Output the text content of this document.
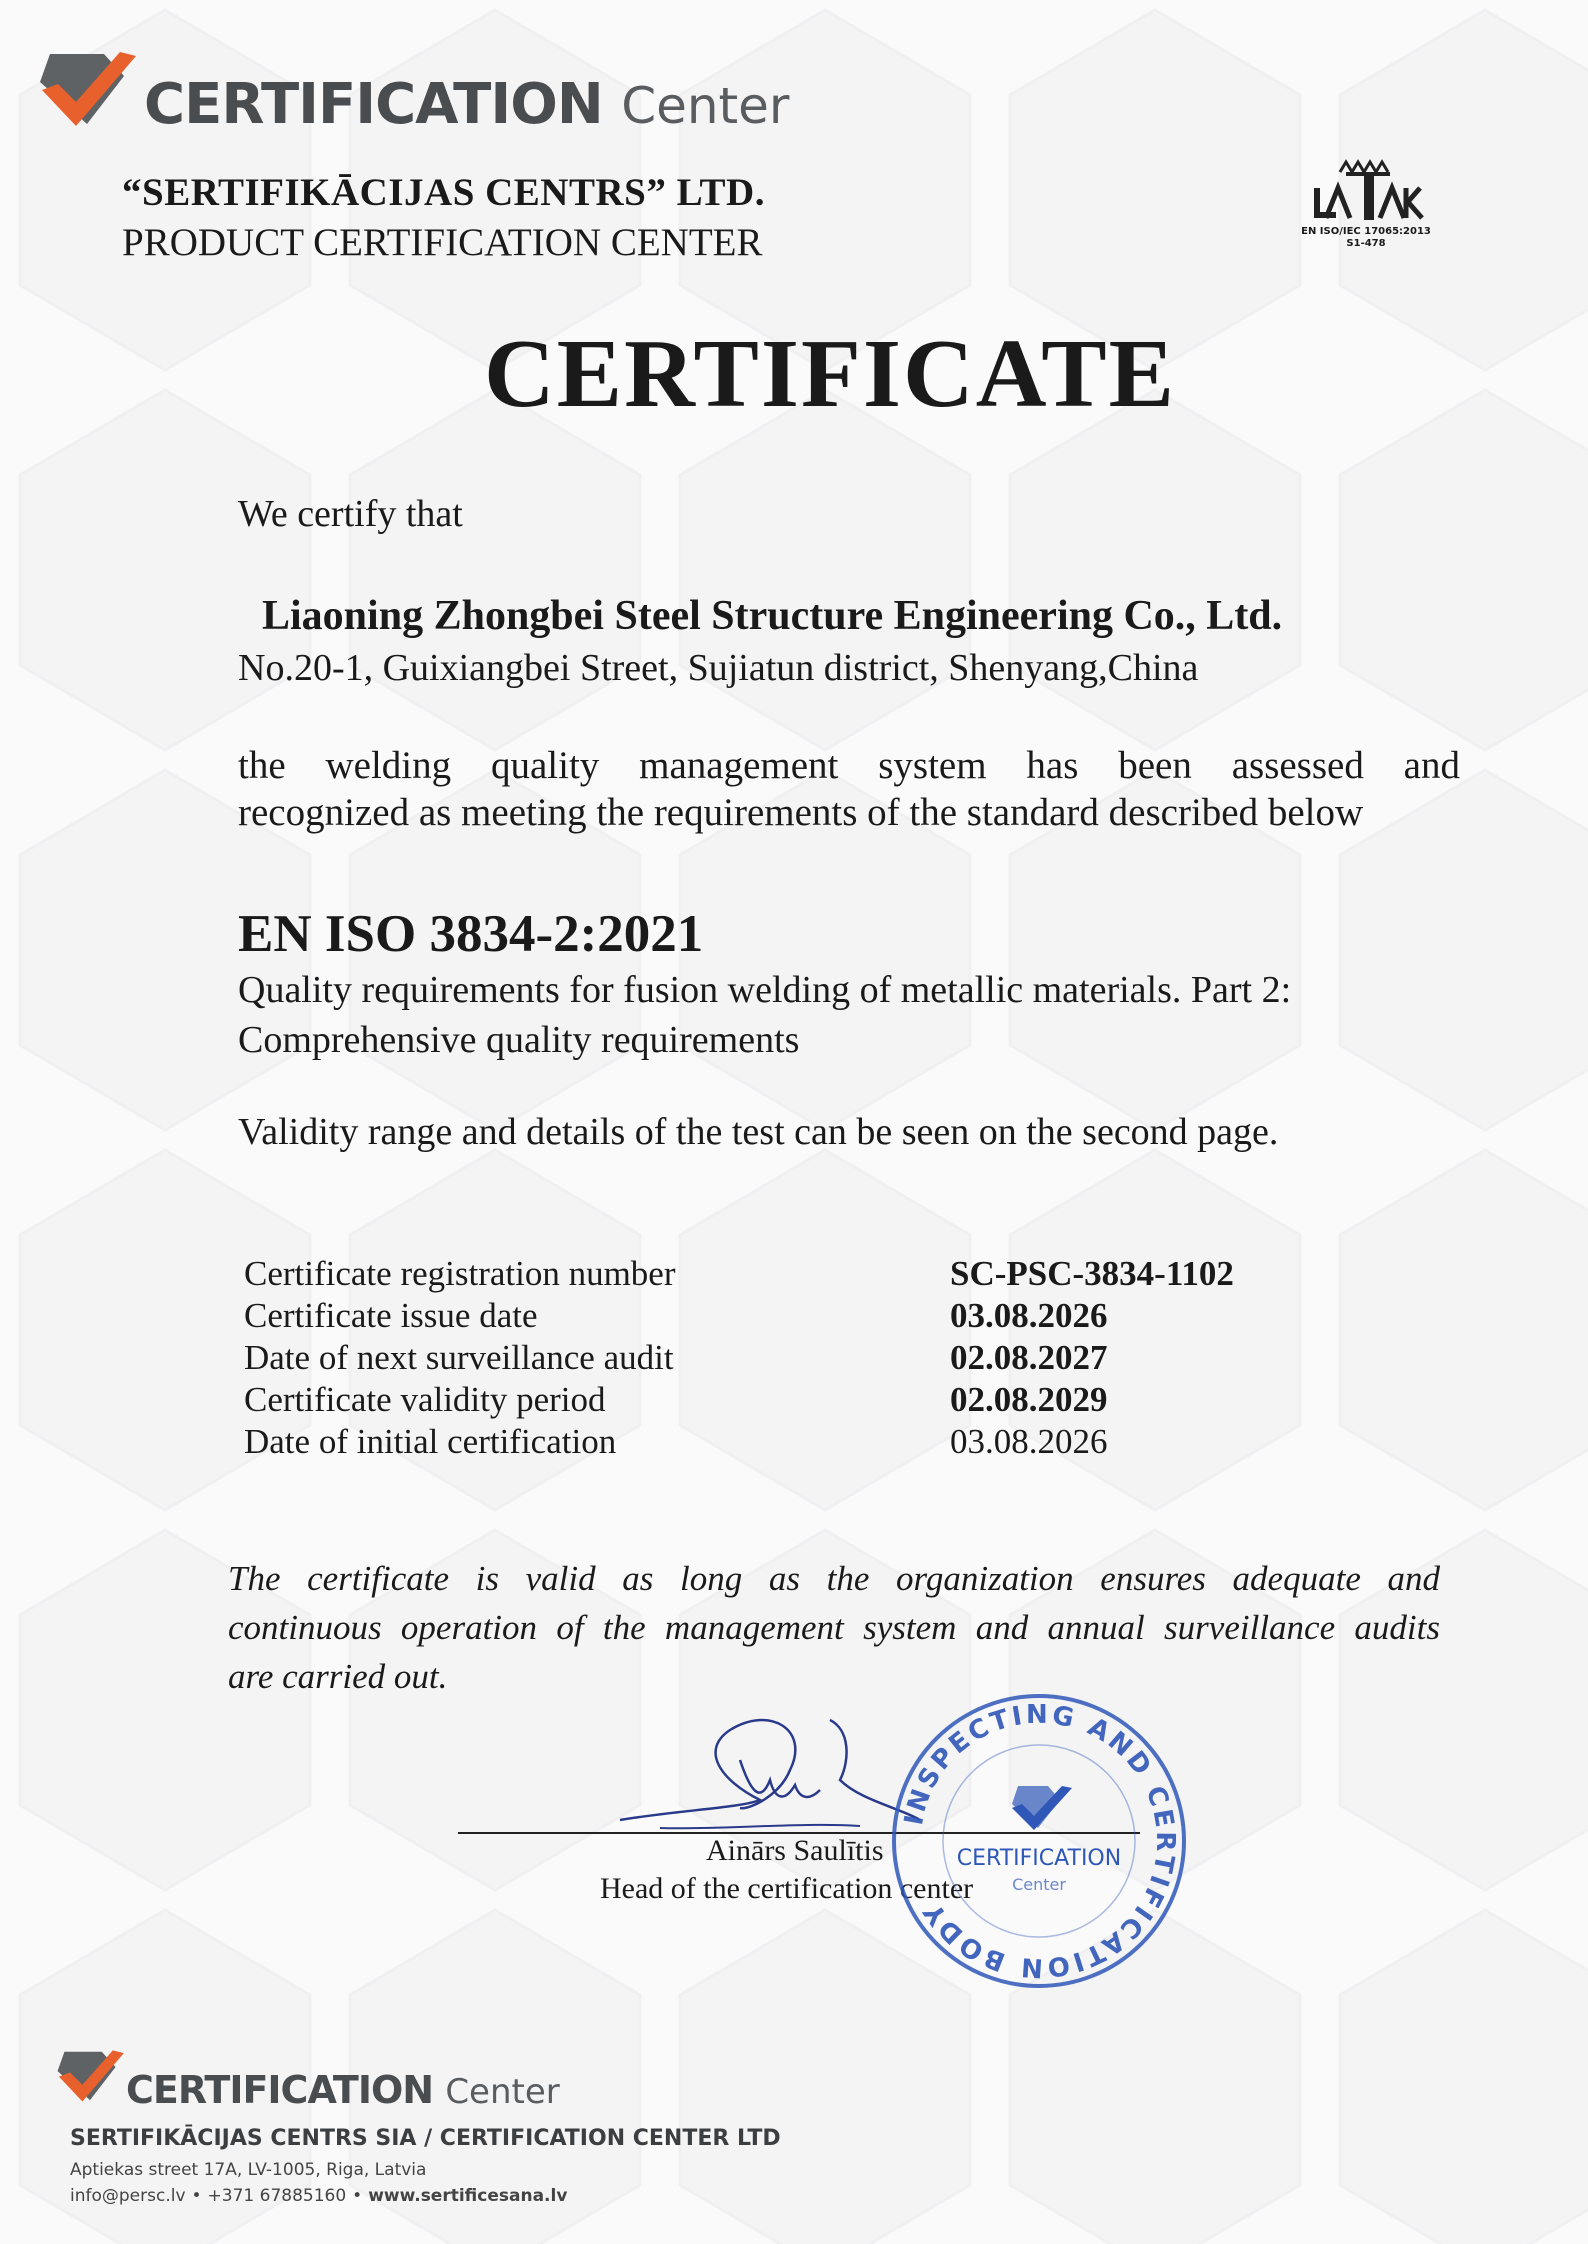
CERTIFICATION Center
“SERTIFIKĀCIJAS CENTRS” LTD.
PRODUCT CERTIFICATION CENTER	EN ISO/IEC 17065:2013
S1-478
CERTIFICATE
We certify that
Liaoning Zhongbei Steel Structure Engineering Co., Ltd.
No.20-1, Guixiangbei Street, Sujiatun district, Shenyang,China
the welding quality management system has been assessed and
recognized as meeting the requirements of the standard described below
EN ISO 3834-2:2021
Quality requirements for fusion welding of metallic materials. Part 2:
Comprehensive quality requirements
Validity range and details of the test can be seen on the second page.
Certificate registration number	SC-PSC-3834-1102
Certificate issue date	03.08.2026
Date of next surveillance audit	02.08.2027
Certificate validity period	02.08.2029
Date of initial certification	03.08.2026

The certificate is valid as long as the organization ensures adequate and

continuous operation of the management system and annual surveillance audits

are carried out.

Ainārs Saulītis
Head of the certification center
INSPECTING AND CERTIFICATION BODY
CERTIFICATION
Center
CERTIFICATION Center
SERTIFIKĀCIJAS CENTRS SIA / CERTIFICATION CENTER LTD
Aptiekas street 17A, LV-1005, Riga, Latvia
info@persc.lv • +371 67885160 • www.sertificesana.lv
